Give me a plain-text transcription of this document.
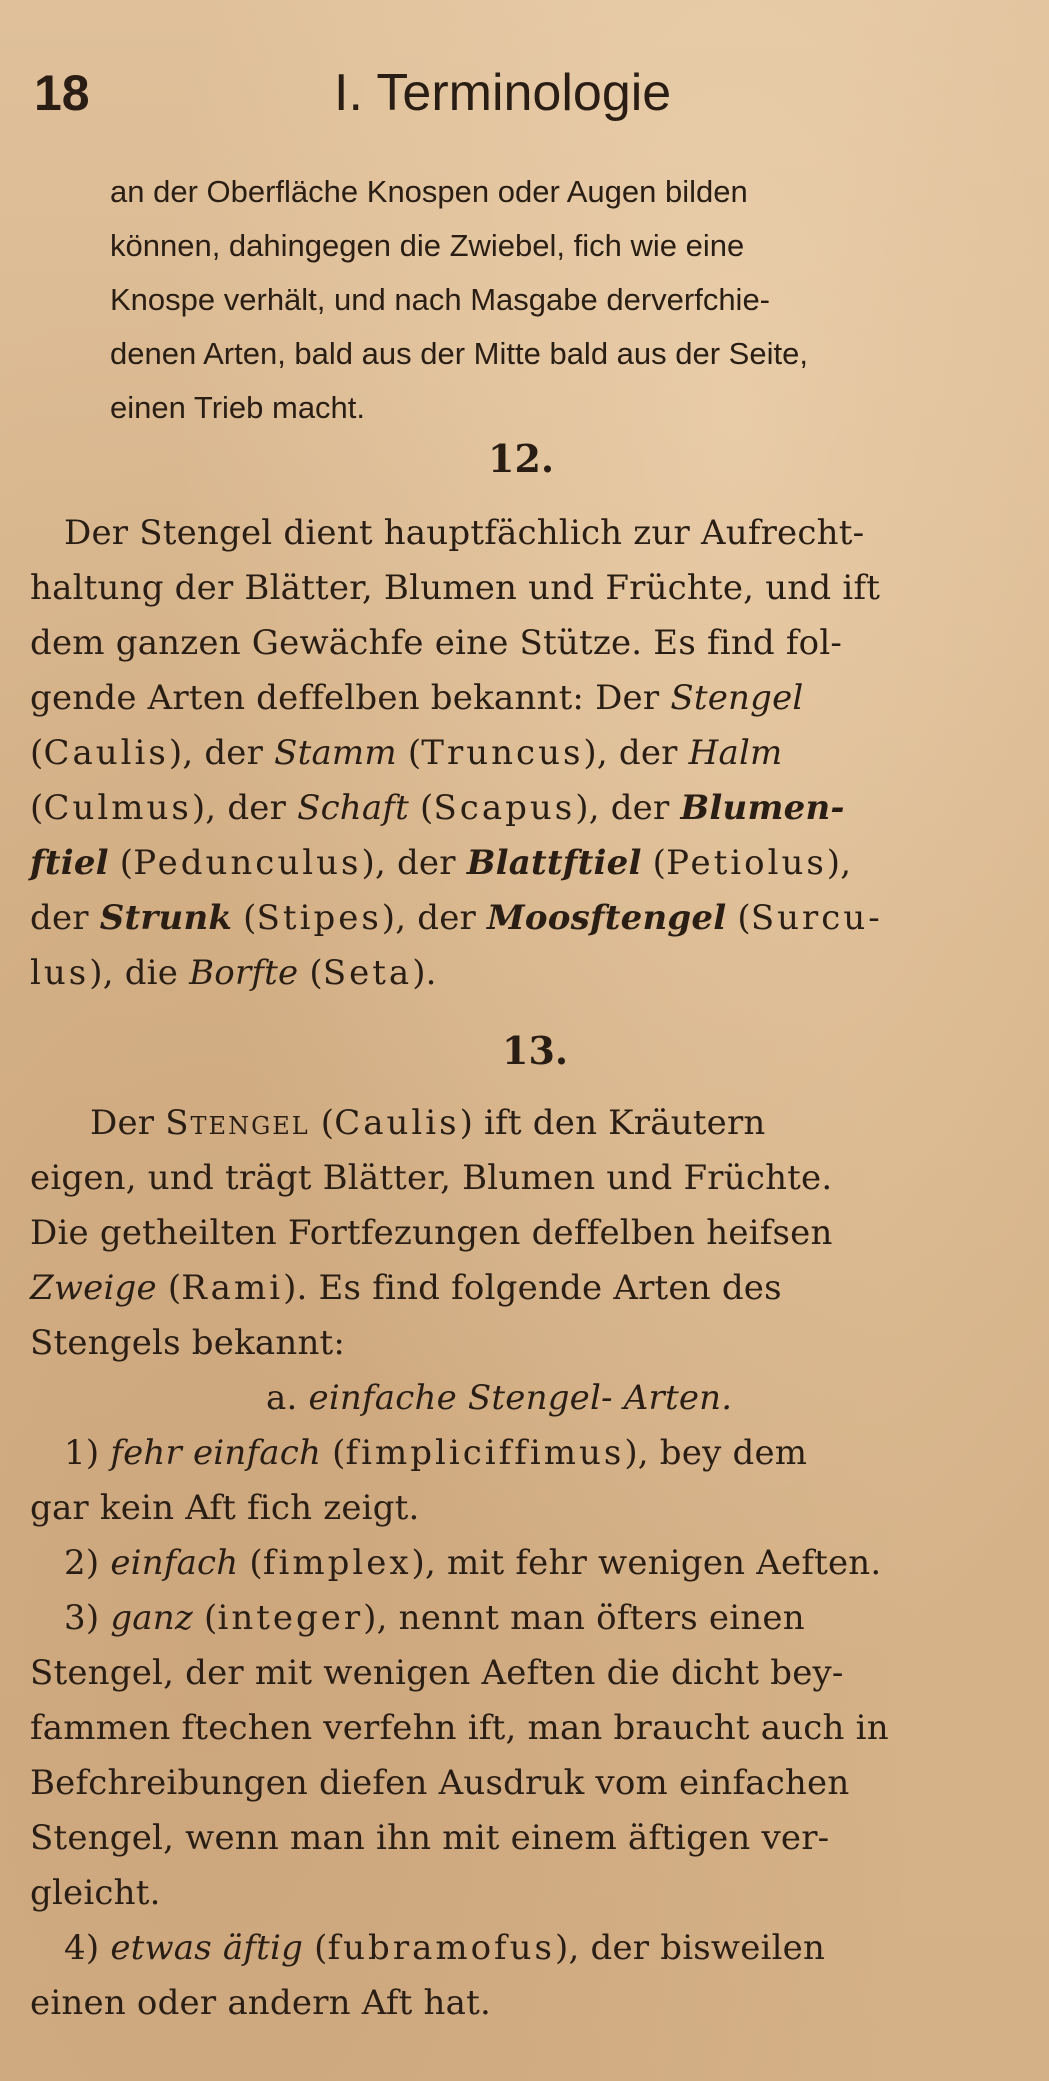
18	I. Terminologie
an der Oberfläche Knospen oder Augen bilden
können, dahingegen die Zwiebel, fich wie eine
Knospe verhält, und nach Masgabe derverfchie-
denen Arten, bald aus der Mitte bald aus der Seite,
einen Trieb macht.
12.
Der Stengel dient hauptfächlich zur Aufrecht-
haltung der Blätter, Blumen und Früchte, und ift
dem ganzen Gewächfe eine Stütze. Es find fol-
gende Arten deffelben bekannt: Der Stengel
(Caulis), der Stamm (Truncus), der Halm
(Culmus), der Schaft (Scapus), der Blumen-
ftiel (Pedunculus), der Blattftiel (Petiolus),
der Strunk (Stipes), der Moosftengel (Surcu-
lus), die Borfte (Seta).
13.
Der Stengel (Caulis) ift den Kräutern
eigen, und trägt Blätter, Blumen und Früchte.
Die getheilten Fortfezungen deffelben heifsen
Zweige (Rami). Es find folgende Arten des
Stengels bekannt:
a. einfache Stengel- Arten.
1) fehr einfach (fimpliciffimus), bey dem
gar kein Aft fich zeigt.
2) einfach (fimplex), mit fehr wenigen Aeften.
3) ganz (integer), nennt man öfters einen
Stengel, der mit wenigen Aeften die dicht bey-
fammen ftechen verfehn ift, man braucht auch in
Befchreibungen diefen Ausdruk vom einfachen
Stengel, wenn man ihn mit einem äftigen ver-
gleicht.
4) etwas äftig (fubramofus), der bisweilen
einen oder andern Aft hat.
